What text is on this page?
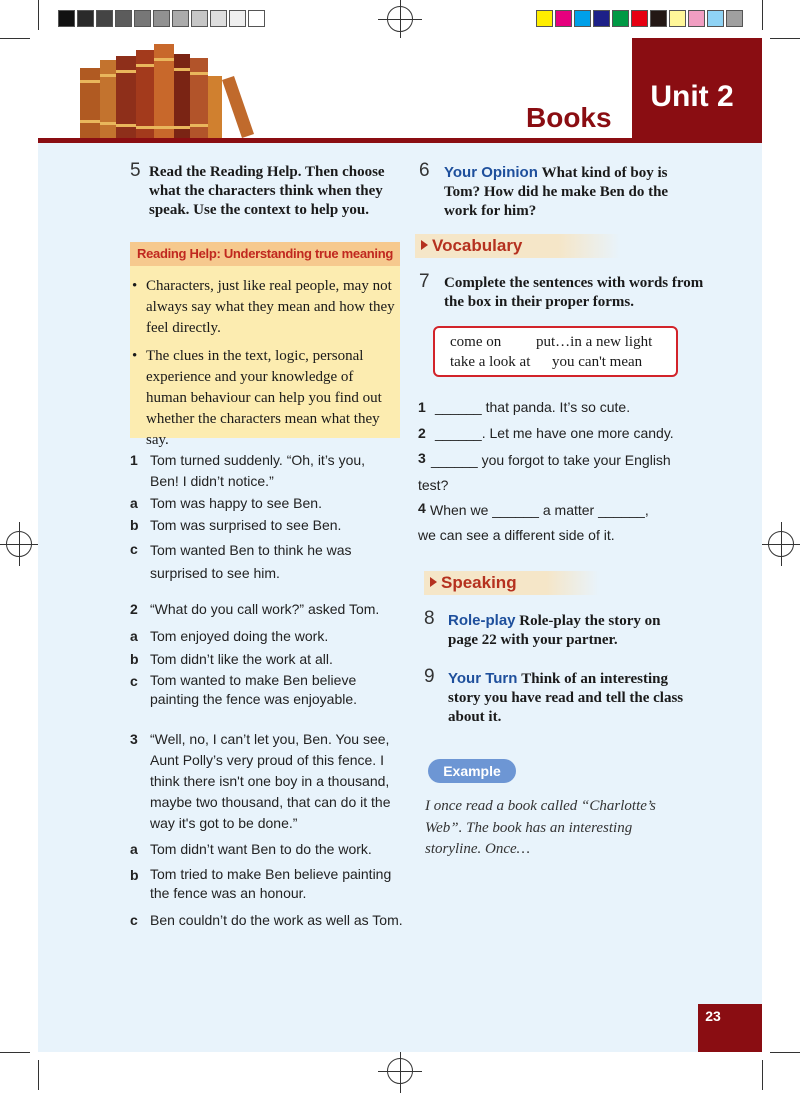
Books
Unit 2
5 Read the Reading Help. Then choose what the characters think when they speak. Use the context to help you.
Reading Help: Understanding true meaning
• Characters, just like real people, may not always say what they mean and how they feel directly.
• The clues in the text, logic, personal experience and your knowledge of human behaviour can help you find out whether the characters mean what they say.
1 Tom turned suddenly. “Oh, it’s you, Ben! I didn’t notice.”
a Tom was happy to see Ben.
b Tom was surprised to see Ben.
c Tom wanted Ben to think he was surprised to see him.
2 “What do you call work?” asked Tom.
a Tom enjoyed doing the work.
b Tom didn’t like the work at all.
c Tom wanted to make Ben believe painting the fence was enjoyable.
3 “Well, no, I can’t let you, Ben. You see, Aunt Polly’s very proud of this fence. I think there isn't one boy in a thousand, maybe two thousand, that can do it the way it's got to be done.”
a Tom didn’t want Ben to do the work.
b Tom tried to make Ben believe painting the fence was an honour.
c Ben couldn’t do the work as well as Tom.
6 Your Opinion What kind of boy is Tom? How did he make Ben do the work for him?
Vocabulary
7 Complete the sentences with words from the box in their proper forms.
come on put…in a new light
take a look at you can't mean
1 ______ that panda. It’s so cute.
2 ______. Let me have one more candy.
3 ______ you forgot to take your English test?
4 When we ______ a matter ______, we can see a different side of it.
Speaking
8 Role-play Role-play the story on page 22 with your partner.
9 Your Turn Think of an interesting story you have read and tell the class about it.
Example
I once read a book called “Charlotte’s Web”. The book has an interesting storyline. Once…
23
